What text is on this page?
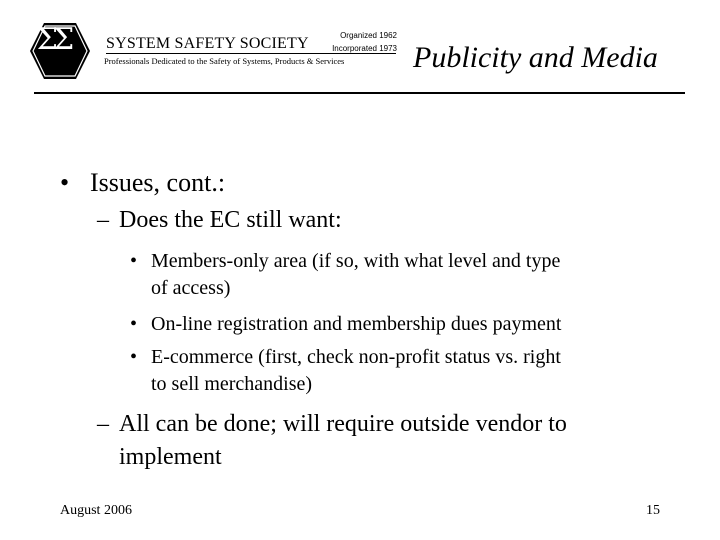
ΣΣ	SYSTEM SAFETY SOCIETY	Organized 1962
Incorporated 1973
Professionals Dedicated to the Safety of Systems, Products & Services Publicity and Media
• Issues, cont.:
– Does the EC still want:
• Members-only area (if so, with what level and type
of access)
• On-line registration and membership dues payment
• E-commerce (first, check non-profit status vs. right
to sell merchandise)
– All can be done; will require outside vendor to
implement
August 2006	15
